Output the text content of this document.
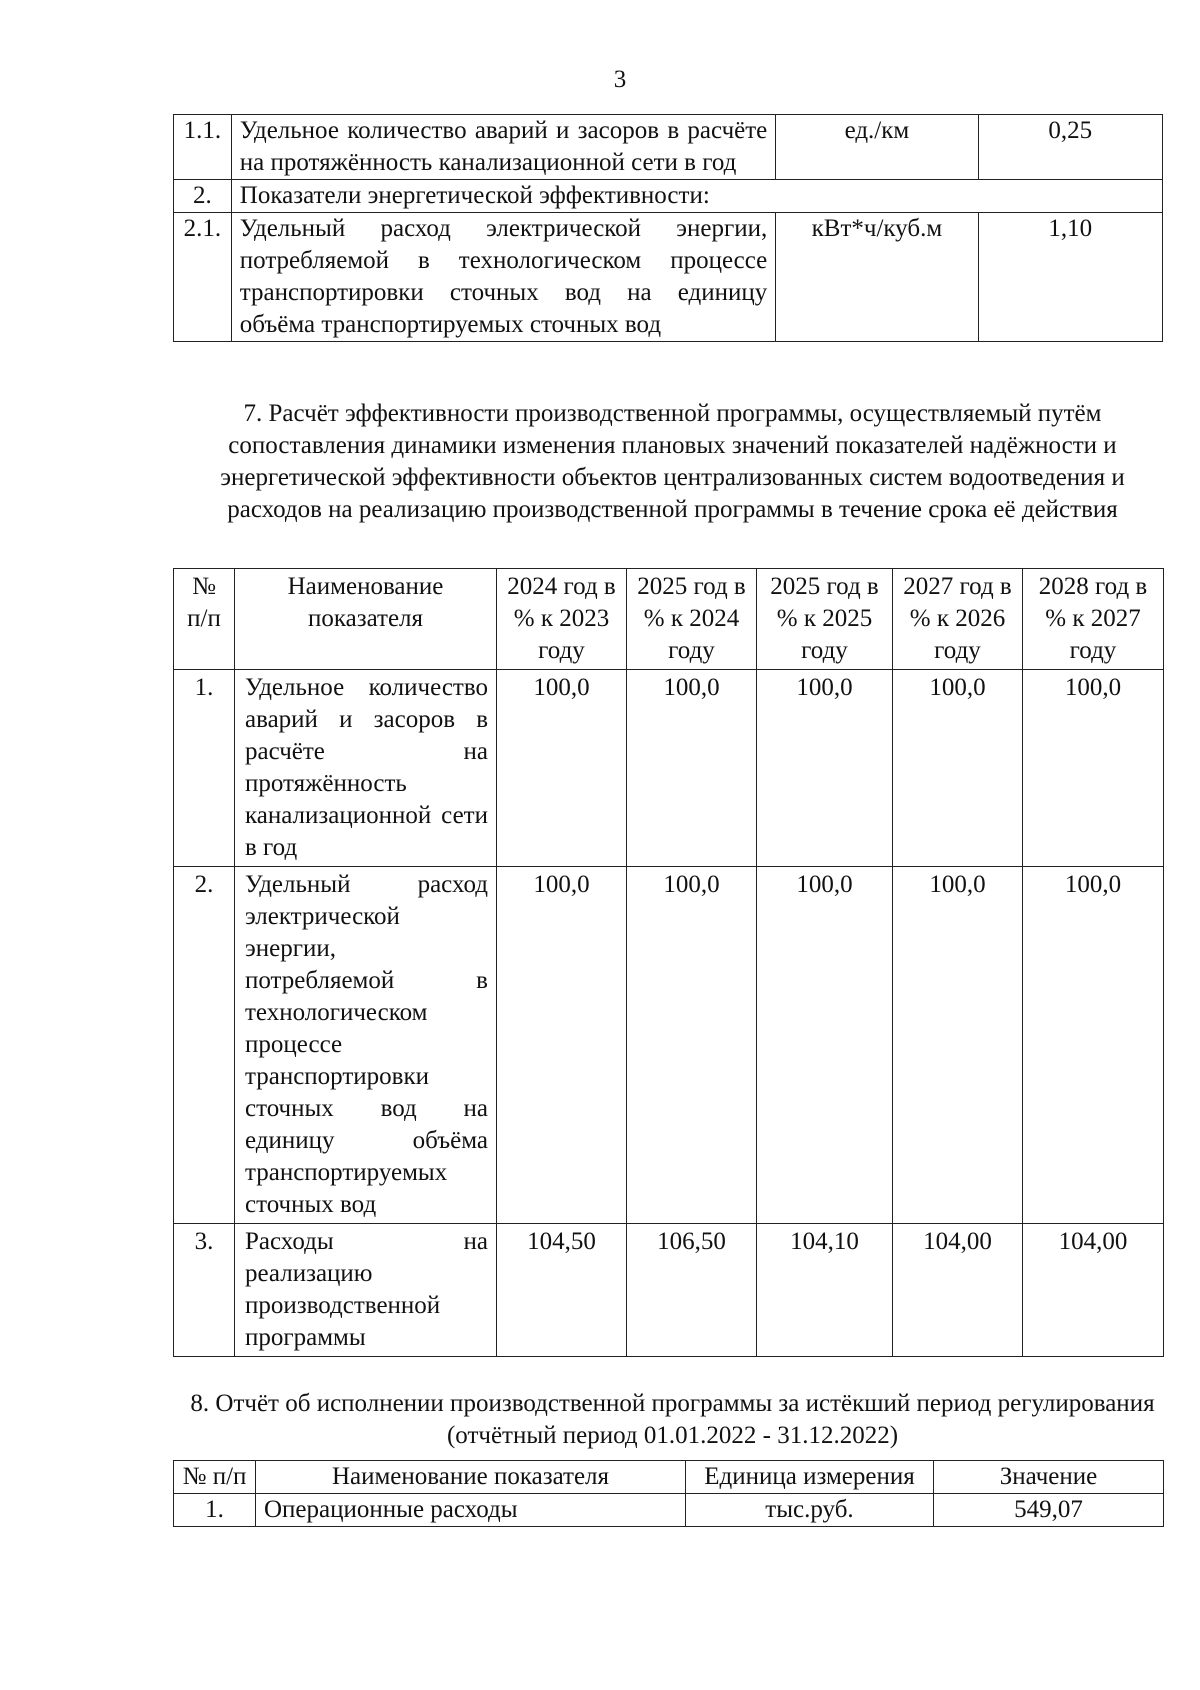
3
1.1.	Удельное количество аварий и засоров в расчёте на протяжённость канализационной сети в год	ед./км	0,25
2.	Показатели энергетической эффективности:		
2.1.	Удельный расход электрической энергии, потребляемой в технологическом процессе транспортировки сточных вод на единицу объёма транспортируемых сточных вод	кВт*ч/куб.м	1,10
7. Расчёт эффективности производственной программы, осуществляемый путём сопоставления динамики изменения плановых значений показателей надёжности и энергетической эффективности объектов централизованных систем водоотведения и расходов на реализацию производственной программы в течение срока её действия
№ п/п	Наименование показателя	2024 год в % к 2023 году	2025 год в % к 2024 году	2025 год в % к 2025 году	2027 год в % к 2026 году	2028 год в % к 2027 году
1.	Удельное количество аварий и засоров в расчёте на протяжённость канализационной сети в год	100,0	100,0	100,0	100,0	100,0
2.	Удельный расход электрической энергии, потребляемой в технологическом процессе транспортировки сточных вод на единицу объёма транспортируемых сточных вод	100,0	100,0	100,0	100,0	100,0
3.	Расходы на реализацию производственной программы	104,50	106,50	104,10	104,00	104,00
8. Отчёт об исполнении производственной программы за истёкший период регулирования (отчётный период 01.01.2022 - 31.12.2022)
№ п/п	Наименование показателя	Единица измерения	Значение
1.	Операционные расходы	тыс.руб.	549,07
